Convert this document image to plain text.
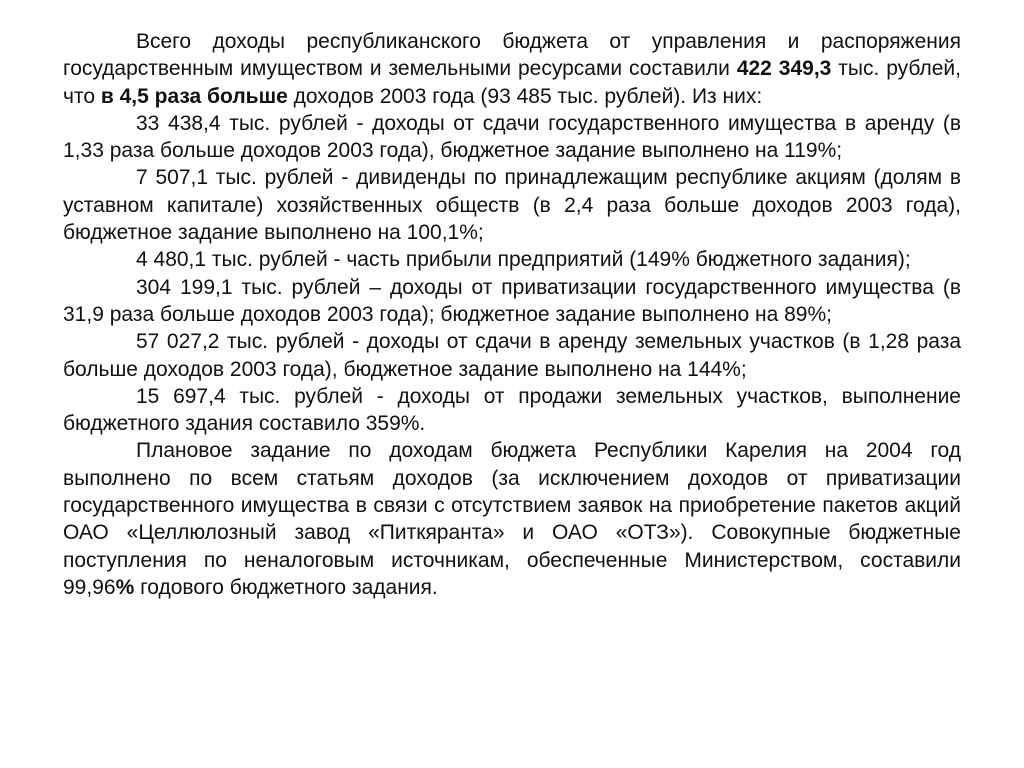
Всего доходы республиканского бюджета от управления и распоряжения государственным имуществом и земельными ресурсами составили 422 349,3 тыс. рублей, что в 4,5 раза больше доходов 2003 года (93 485 тыс. рублей). Из них:

33 438,4 тыс. рублей - доходы от сдачи государственного имущества в аренду (в 1,33 раза больше доходов 2003 года), бюджетное задание выполнено на 119%;

7 507,1 тыс. рублей - дивиденды по принадлежащим республике акциям (долям в уставном капитале) хозяйственных обществ (в 2,4 раза больше доходов 2003 года), бюджетное задание выполнено на 100,1%;

4 480,1 тыс. рублей - часть прибыли предприятий (149% бюджетного задания);

304 199,1 тыс. рублей – доходы от приватизации государственного имущества (в 31,9 раза больше доходов 2003 года); бюджетное задание выполнено на 89%;

57 027,2 тыс. рублей - доходы от сдачи в аренду земельных участков (в 1,28 раза больше доходов 2003 года), бюджетное задание выполнено на 144%;

15 697,4 тыс. рублей - доходы от продажи земельных участков, выполнение бюджетного здания составило 359%.

Плановое задание по доходам бюджета Республики Карелия на 2004 год выполнено по всем статьям доходов (за исключением доходов от приватизации государственного имущества в связи с отсутствием заявок на приобретение пакетов акций ОАО «Целлюлозный завод «Питкяранта» и ОАО «ОТЗ»). Совокупные бюджетные поступления по неналоговым источникам, обеспеченные Министерством, составили 99,96% годового бюджетного задания.
